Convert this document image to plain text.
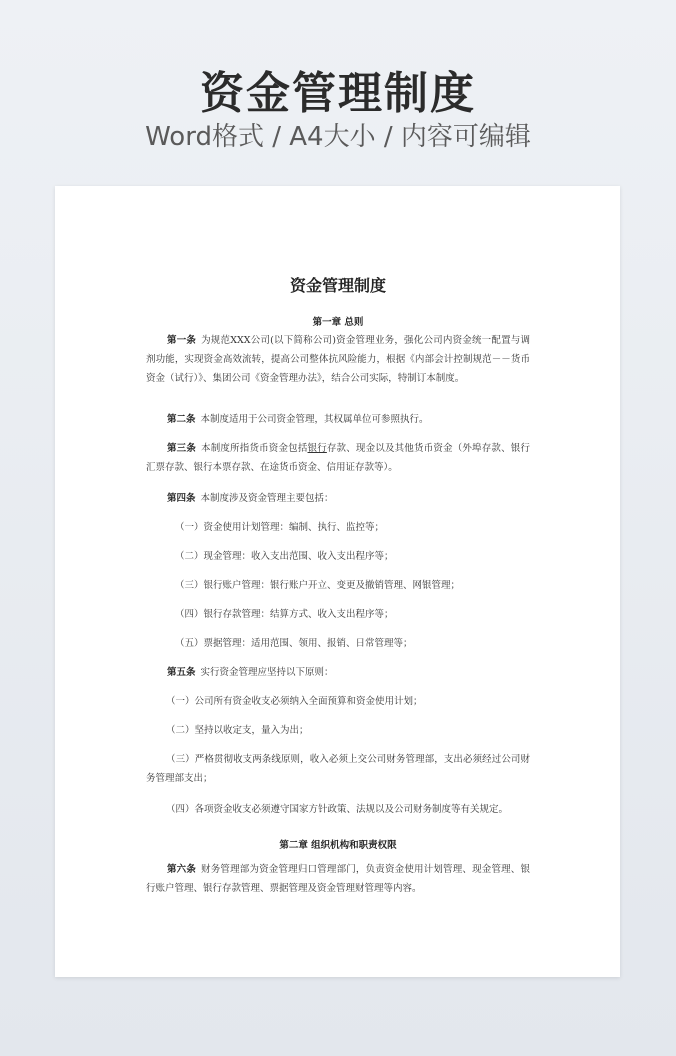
资金管理制度
Word格式 / A4大小 / 内容可编辑
资金管理制度
第一章 总则
第一条 为规范XXX公司(以下简称公司)资金管理业务，强化公司内资金统一配置与调剂功能，实现资金高效流转，提高公司整体抗风险能力，根据《内部会计控制规范－－货币资金（试行）》、集团公司《资金管理办法》，结合公司实际，特制订本制度。
第二条 本制度适用于公司资金管理，其权属单位可参照执行。
第三条 本制度所指货币资金包括银行存款、现金以及其他货币资金（外埠存款、银行汇票存款、银行本票存款、在途货币资金、信用证存款等）。
第四条 本制度涉及资金管理主要包括：
（一）资金使用计划管理：编制、执行、监控等；
（二）现金管理：收入支出范围、收入支出程序等；
（三）银行账户管理：银行账户开立、变更及撤销管理、网银管理；
（四）银行存款管理：结算方式、收入支出程序等；
（五）票据管理：适用范围、领用、报销、日常管理等；
第五条 实行资金管理应坚持以下原则：
（一）公司所有资金收支必须纳入全面预算和资金使用计划；
（二）坚持以收定支，量入为出；
（三）严格贯彻收支两条线原则，收入必须上交公司财务管理部，支出必须经过公司财务管理部支出；
（四）各项资金收支必须遵守国家方针政策、法规以及公司财务制度等有关规定。
第二章 组织机构和职责权限
第六条 财务管理部为资金管理归口管理部门，负责资金使用计划管理、现金管理、银行账户管理、银行存款管理、票据管理及资金管理财管理等内容。
